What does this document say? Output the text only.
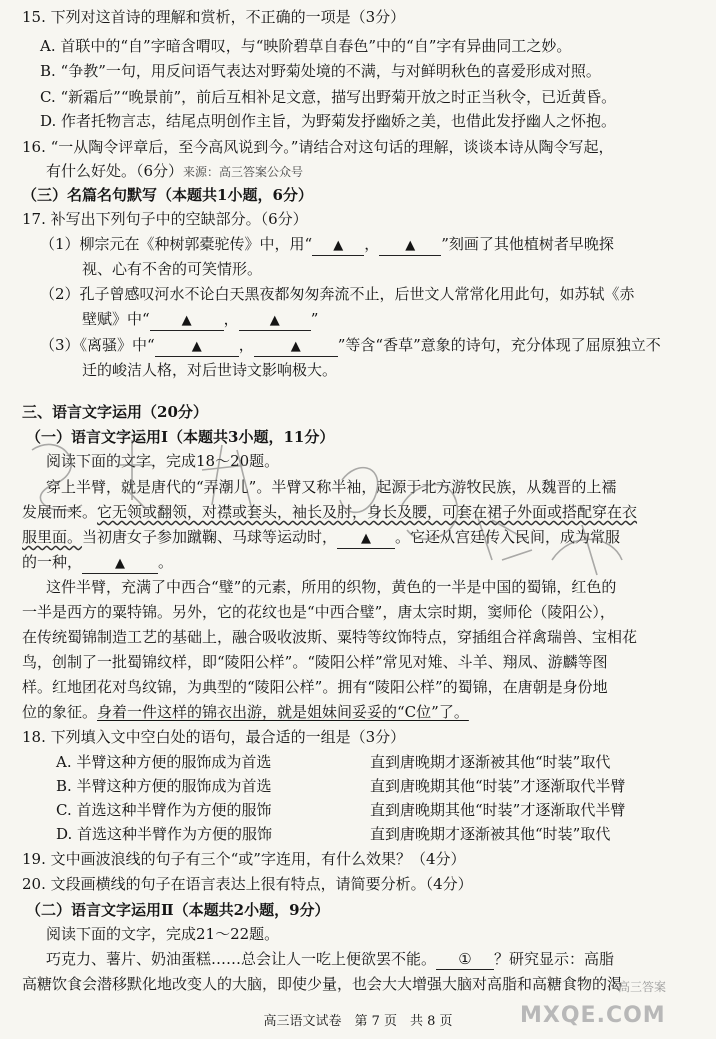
15. 下列对这首诗的理解和赏析，不正确的一项是（3分）
A. 首联中的“自”字暗含喟叹，与“映阶碧草自春色”中的“自”字有异曲同工之妙。
B. “争教”一句，用反问语气表达对野菊处境的不满，与对鲜明秋色的喜爱形成对照。
C. “新霜后”“晚景前”，前后互相补足文意，描写出野菊开放之时正当秋令，已近黄昏。
D. 作者托物言志，结尾点明创作主旨，为野菊发抒幽娇之美，也借此发抒幽人之怀抱。
16. “一从陶令评章后，至今高风说到今。”请结合对这句话的理解，谈谈本诗从陶令写起，
有什么好处。（6分）来源：高三答案公众号
（三）名篇名句默写（本题共1小题，6分）
17. 补写出下列句子中的空缺部分。（6分）
（1）柳宗元在《种树郭橐驼传》中，用“ ▲ ， ▲ ”刻画了其他植树者早晚探
视、心有不舍的可笑情形。
（2）孔子曾感叹河水不论白天黑夜都匆匆奔流不止，后世文人常常化用此句，如苏轼《赤
壁赋》中“ ▲ ， ▲ ”
（3）《离骚》中“	▲ ，	▲ ”等含“香草”意象的诗句，充分体现了屈原独立不
迁的峻洁人格，对后世诗文影响极大。
三、语言文字运用（20分）
（一）语言文字运用Ⅰ（本题共3小题，11分）
阅读下面的文字，完成18～20题。
穿上半臂，就是唐代的“弄潮儿”。半臂又称半袖，起源于北方游牧民族，从魏晋的上襦
发展而来。它无领或翻领，对襟或套头，袖长及肘，身长及腰，可套在裙子外面或搭配穿在衣
服里面。当初唐女子参加蹴鞠、马球等运动时， ▲ 。它还从宫廷传入民间，成为常服
的一种，	▲ 。
这件半臂，充满了中西合“璧”的元素，所用的织物，黄色的一半是中国的蜀锦，红色的
一半是西方的粟特锦。另外，它的花纹也是“中西合璧”，唐太宗时期，窦师伦（陵阳公），
在传统蜀锦制造工艺的基础上，融合吸收波斯、粟特等纹饰特点，穿插组合祥禽瑞兽、宝相花
鸟，创制了一批蜀锦纹样，即“陵阳公样”。“陵阳公样”常见对雉、斗羊、翔凤、游麟等图
样。红地团花对鸟纹锦，为典型的“陵阳公样”。拥有“陵阳公样”的蜀锦，在唐朝是身份地
位的象征。身着一件这样的锦衣出游，就是姐妹间妥妥的“C位”了。
18. 下列填入文中空白处的语句，最合适的一组是（3分）
A. 半臂这种方便的服饰成为首选	直到唐晚期才逐渐被其他“时装”取代
B. 半臂这种方便的服饰成为首选	直到唐晚期其他“时装”才逐渐取代半臂
C. 首选这种半臂作为方便的服饰	直到唐晚期其他“时装”才逐渐取代半臂
D. 首选这种半臂作为方便的服饰	直到唐晚期才逐渐被其他“时装”取代
19. 文中画波浪线的句子有三个“或”字连用，有什么效果？（4分）
20. 文段画横线的句子在语言表达上很有特点，请简要分析。（4分）
（二）语言文字运用Ⅱ（本题共2小题，9分）
阅读下面的文字，完成21～22题。
巧克力、薯片、奶油蛋糕……总会让人一吃上便欲罢不能。 ① ？研究显示：高脂
高糖饮食会潜移默化地改变人的大脑，即使少量，也会大大增强大脑对高脂和高糖食物的渴
高三语文试卷　第 7 页　共 8 页
高三答案
MXQE.COM
